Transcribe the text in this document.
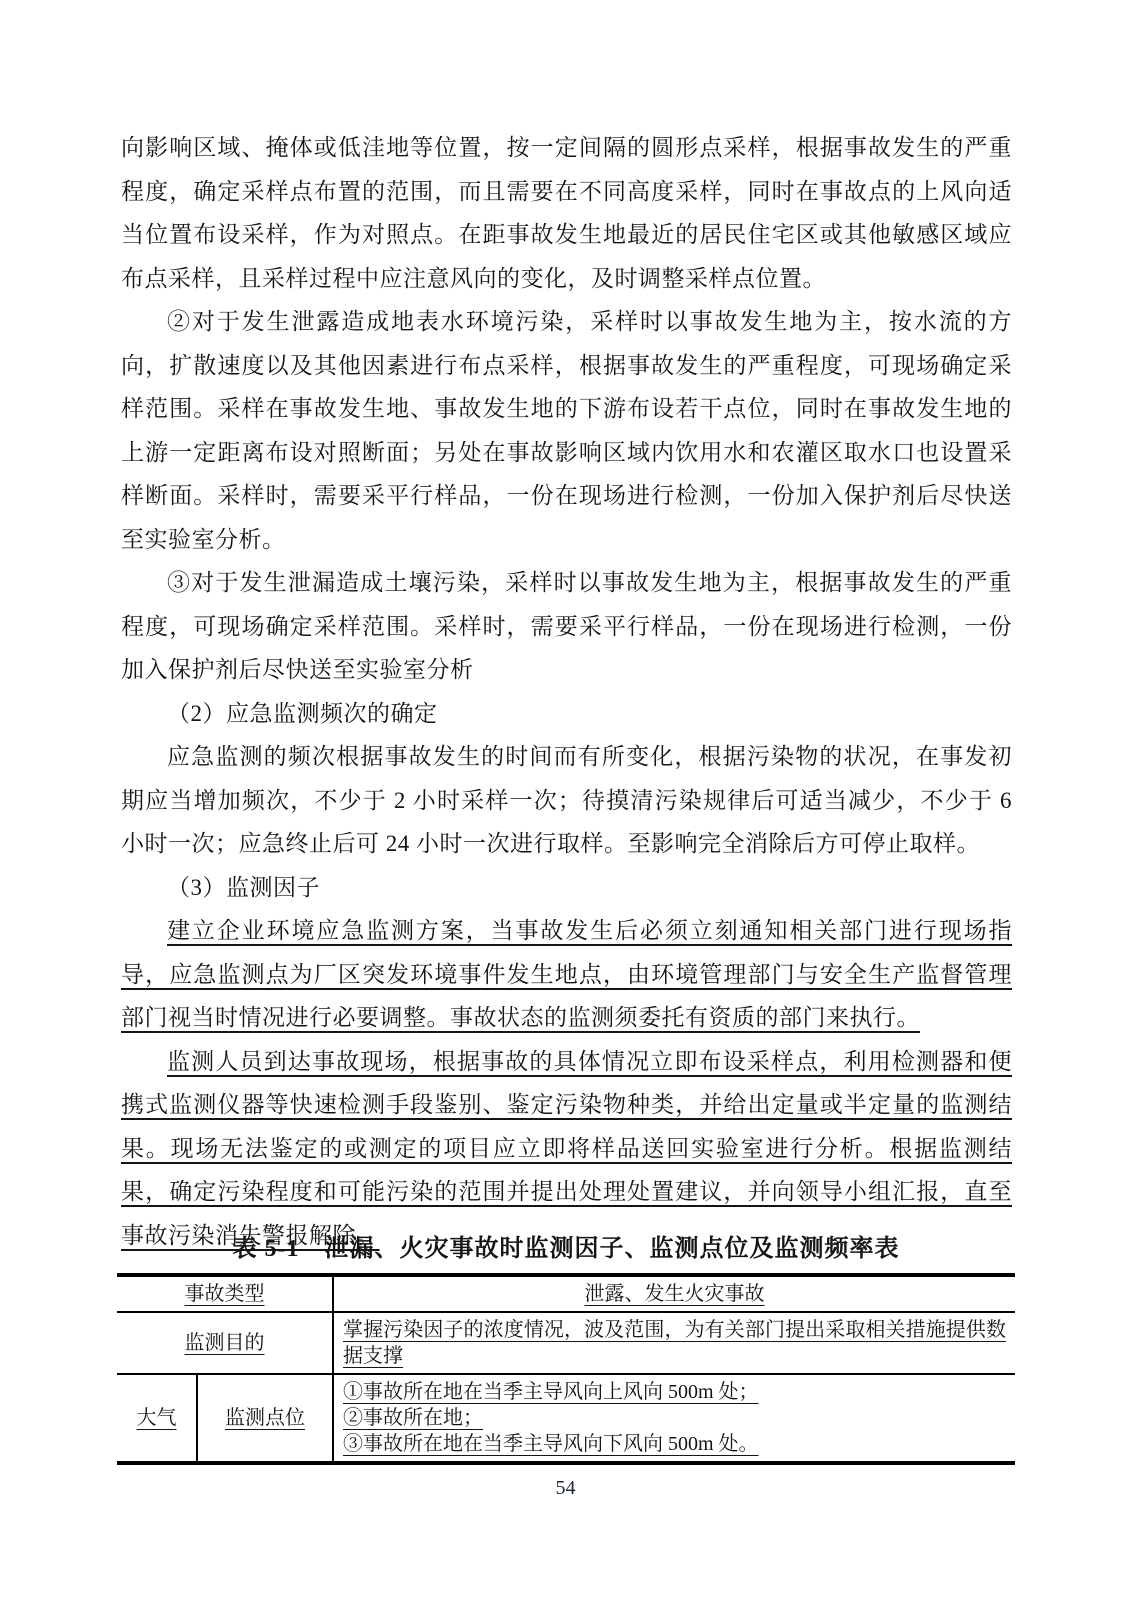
向影响区域、掩体或低洼地等位置，按一定间隔的圆形点采样，根据事故发生的严重程度，确定采样点布置的范围，而且需要在不同高度采样，同时在事故点的上风向适当位置布设采样，作为对照点。在距事故发生地最近的居民住宅区或其他敏感区域应布点采样，且采样过程中应注意风向的变化，及时调整采样点位置。

②对于发生泄露造成地表水环境污染，采样时以事故发生地为主，按水流的方向，扩散速度以及其他因素进行布点采样，根据事故发生的严重程度，可现场确定采样范围。采样在事故发生地、事故发生地的下游布设若干点位，同时在事故发生地的上游一定距离布设对照断面；另处在事故影响区域内饮用水和农灌区取水口也设置采样断面。采样时，需要采平行样品，一份在现场进行检测，一份加入保护剂后尽快送至实验室分析。

③对于发生泄漏造成土壤污染，采样时以事故发生地为主，根据事故发生的严重程度，可现场确定采样范围。采样时，需要采平行样品，一份在现场进行检测，一份加入保护剂后尽快送至实验室分析

（2）应急监测频次的确定

应急监测的频次根据事故发生的时间而有所变化，根据污染物的状况，在事发初期应当增加频次，不少于 2 小时采样一次；待摸清污染规律后可适当减少，不少于 6 小时一次；应急终止后可 24 小时一次进行取样。至影响完全消除后方可停止取样。

（3）监测因子

建立企业环境应急监测方案，当事故发生后必须立刻通知相关部门进行现场指导，应急监测点为厂区突发环境事件发生地点，由环境管理部门与安全生产监督管理部门视当时情况进行必要调整。事故状态的监测须委托有资质的部门来执行。

监测人员到达事故现场，根据事故的具体情况立即布设采样点，利用检测器和便携式监测仪器等快速检测手段鉴别、鉴定污染物种类，并给出定量或半定量的监测结果。现场无法鉴定的或测定的项目应立即将样品送回实验室进行分析。根据监测结果，确定污染程度和可能污染的范围并提出处理处置建议，并向领导小组汇报，直至事故污染消失警报解除。

表 5-1　泄漏、火灾事故时监测因子、监测点位及监测频率表
事故类型		泄露、发生火灾事故
监测目的		掌握污染因子的浓度情况，波及范围，为有关部门提出采取相关措施提供数据支撑
大气	监测点位	①事故所在地在当季主导风向上风向 500m 处；
②事故所在地；
③事故所在地在当季主导风向下风向 500m 处。
54
